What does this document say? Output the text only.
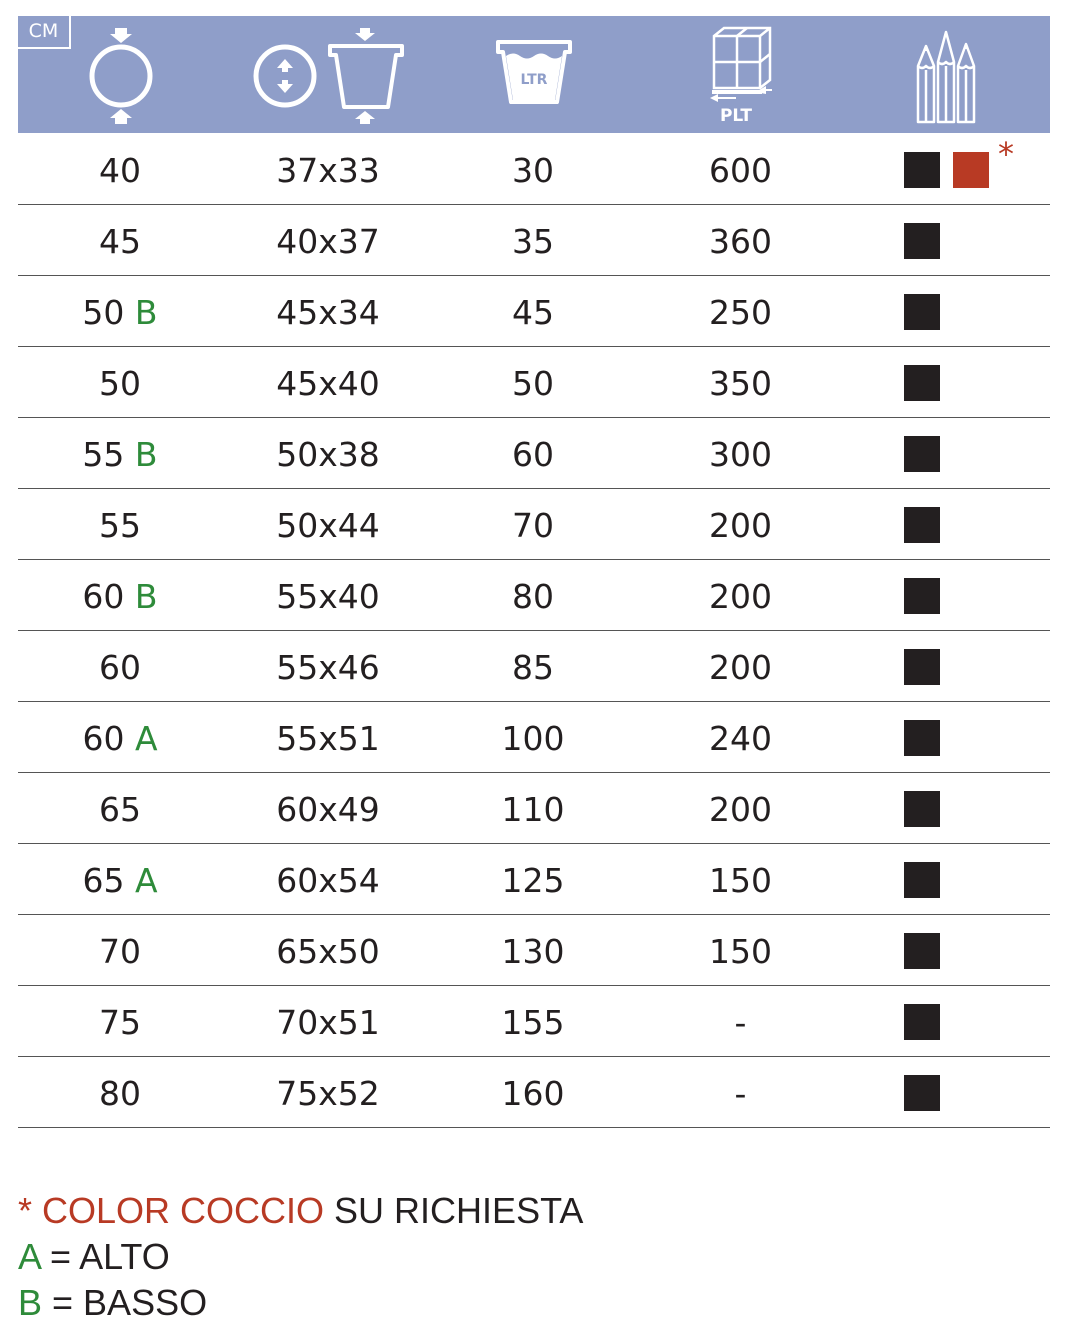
CM
LTR
PLT
40	37x33	30	600	*
45	40x37	35	360
50 B	45x34	45	250
50	45x40	50	350
55 B	50x38	60	300
55	50x44	70	200
60 B	55x40	80	200
60	55x46	85	200
60 A	55x51	100	240
65	60x49	110	200
65 A	60x54	125	150
70	65x50	130	150
75	70x51	155	-
80	75x52	160	-
* COLOR COCCIO SU RICHIESTA
A = ALTO
B = BASSO
